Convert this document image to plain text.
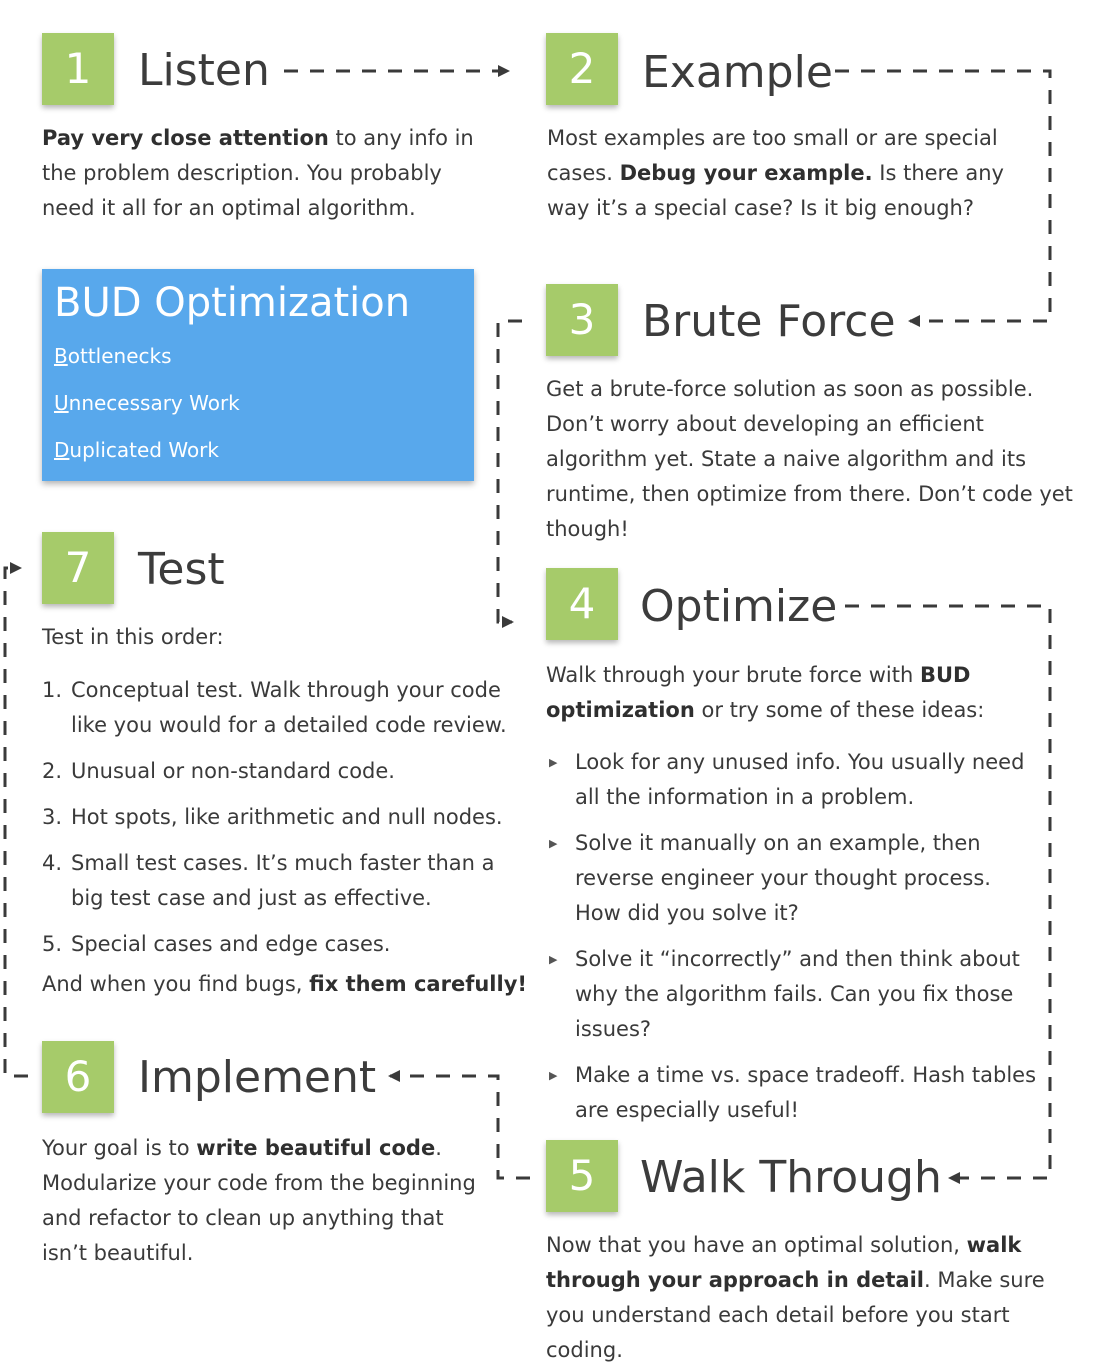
1	Listen
Pay very close attention to any info in the problem description. You probably need it all for an optimal algorithm.
2	Example
Most examples are too small or are special cases. Debug your example. Is there any way it’s a special case? Is it big enough?
BUD Optimization
Bottlenecks
Unnecessary Work
Duplicated Work
3	Brute Force
Get a brute-force solution as soon as possible. Don’t worry about developing an efficient algorithm yet. State a naive algorithm and its runtime, then optimize from there. Don’t code yet though!
7	Test
Test in this order:
1. Conceptual test. Walk through your code like you would for a detailed code review.
2. Unusual or non-standard code.
3. Hot spots, like arithmetic and null nodes.
4. Small test cases. It’s much faster than a big test case and just as effective.
5. Special cases and edge cases.
And when you find bugs, fix them carefully!
4	Optimize
Walk through your brute force with BUD optimization or try some of these ideas:
▶ Look for any unused info. You usually need all the information in a problem.
▶ Solve it manually on an example, then reverse engineer your thought process. How did you solve it?
▶ Solve it “incorrectly” and then think about why the algorithm fails. Can you fix those issues?
▶ Make a time vs. space tradeoff. Hash tables are especially useful!
6	Implement
Your goal is to write beautiful code. Modularize your code from the beginning and refactor to clean up anything that isn’t beautiful.
5	Walk Through
Now that you have an optimal solution, walk through your approach in detail. Make sure you understand each detail before you start coding.
